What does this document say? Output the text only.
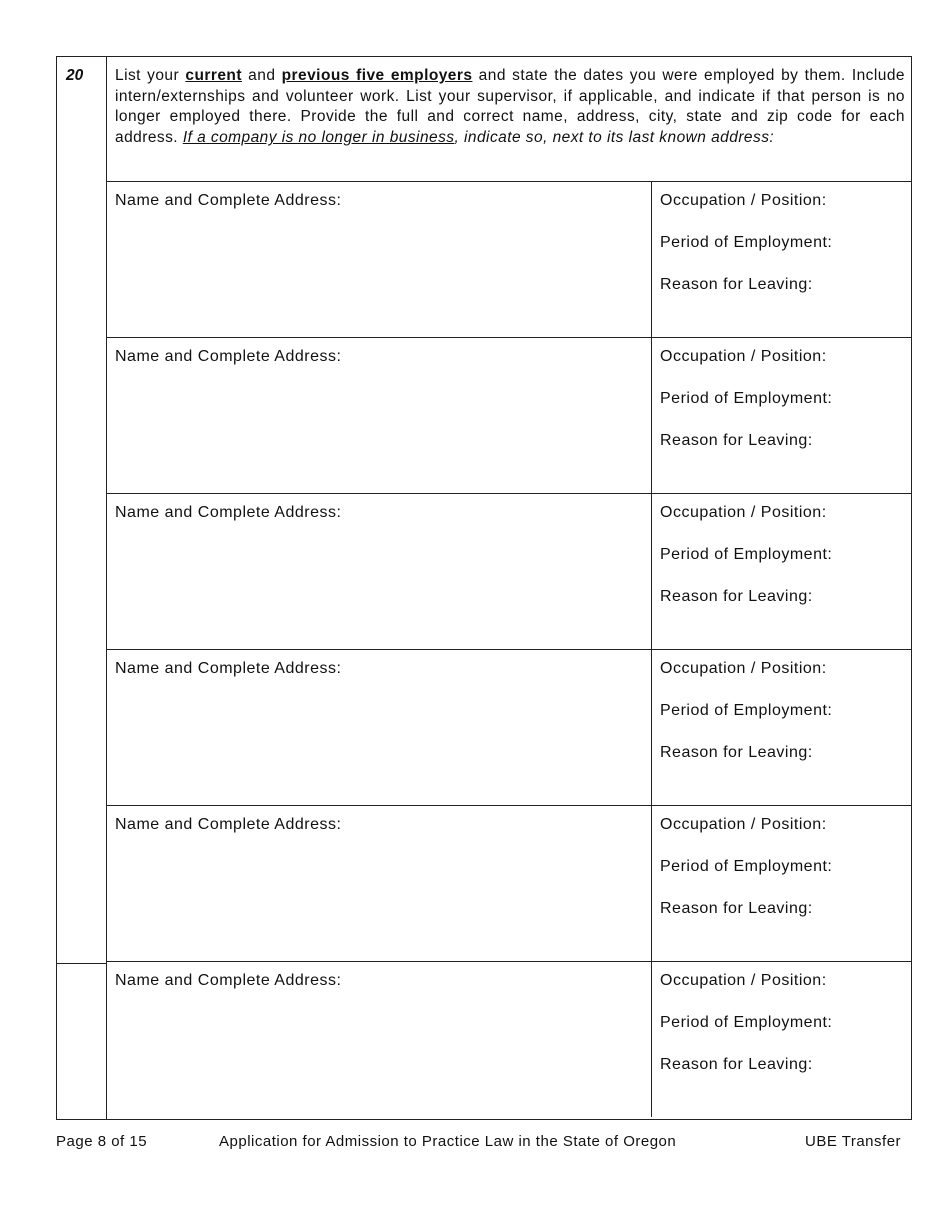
20 List your current and previous five employers and state the dates you were employed by them. Include intern/externships and volunteer work. List your supervisor, if applicable, and indicate if that person is no longer employed there. Provide the full and correct name, address, city, state and zip code for each address. If a company is no longer in business, indicate so, next to its last known address:
Name and Complete Address:	Occupation / Position:
Period of Employment:
Reason for Leaving:
Name and Complete Address:	Occupation / Position:
Period of Employment:
Reason for Leaving:
Name and Complete Address:	Occupation / Position:
Period of Employment:
Reason for Leaving:
Name and Complete Address:	Occupation / Position:
Period of Employment:
Reason for Leaving:
Name and Complete Address:	Occupation / Position:
Period of Employment:
Reason for Leaving:
Name and Complete Address:	Occupation / Position:
Period of Employment:
Reason for Leaving:
Page 8 of 15	Application for Admission to Practice Law in the State of Oregon	UBE Transfer
